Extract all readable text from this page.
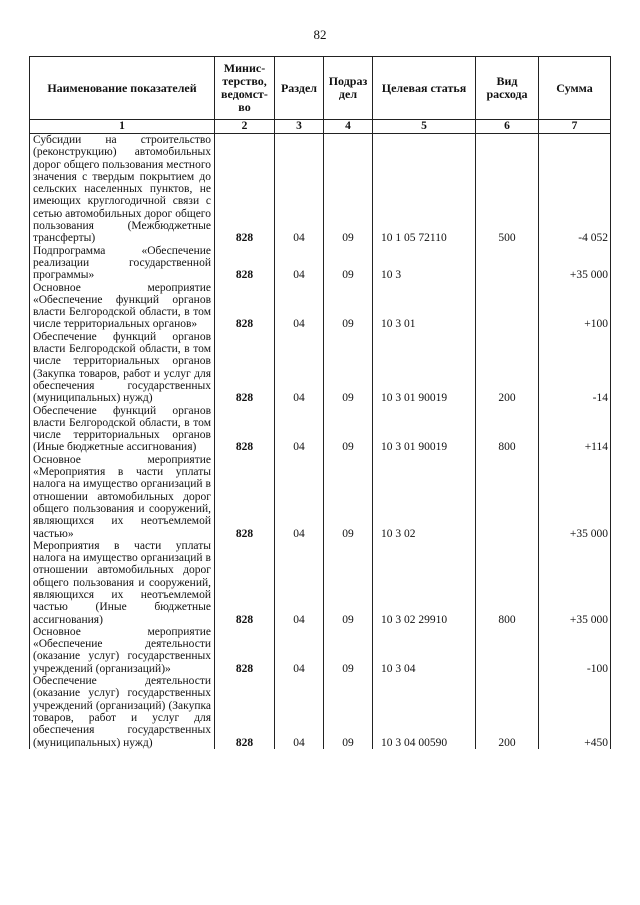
82
Наименование показателей	Минис-терство, ведомст-во	Раздел	Подраз дел	Целевая статья	Вид расхода	Сумма
1	2	3	4	5	6	7
Субсидии на строительство (реконструкцию) автомобильных дорог общего пользования местного значения с твердым покрытием до сельских населенных пунктов, не имеющих круглогодичной связи с сетью автомобильных дорог общего пользования (Межбюджетные трансферты)	828	04	09	10 1 05 72110	500	-4 052
Подпрограмма «Обеспечение реализации государственной программы»	828	04	09	10 3		+35 000
Основное мероприятие «Обеспечение функций органов власти Белгородской области, в том числе территориальных органов»	828	04	09	10 3 01		+100
Обеспечение функций органов власти Белгородской области, в том числе территориальных органов (Закупка товаров, работ и услуг для обеспечения государственных (муниципальных) нужд)	828	04	09	10 3 01 90019	200	-14
Обеспечение функций органов власти Белгородской области, в том числе территориальных органов (Иные бюджетные ассигнования)	828	04	09	10 3 01 90019	800	+114
Основное мероприятие «Мероприятия в части уплаты налога на имущество организаций в отношении автомобильных дорог общего пользования и сооружений, являющихся их неотъемлемой частью»	828	04	09	10 3 02		+35 000
Мероприятия в части уплаты налога на имущество организаций в отношении автомобильных дорог общего пользования и сооружений, являющихся их неотъемлемой частью (Иные бюджетные ассигнования)	828	04	09	10 3 02 29910	800	+35 000
Основное мероприятие «Обеспечение деятельности (оказание услуг) государственных учреждений (организаций)»	828	04	09	10 3 04		-100
Обеспечение деятельности (оказание услуг) государственных учреждений (организаций) (Закупка товаров, работ и услуг для обеспечения государственных (муниципальных) нужд)	828	04	09	10 3 04 00590	200	+450
